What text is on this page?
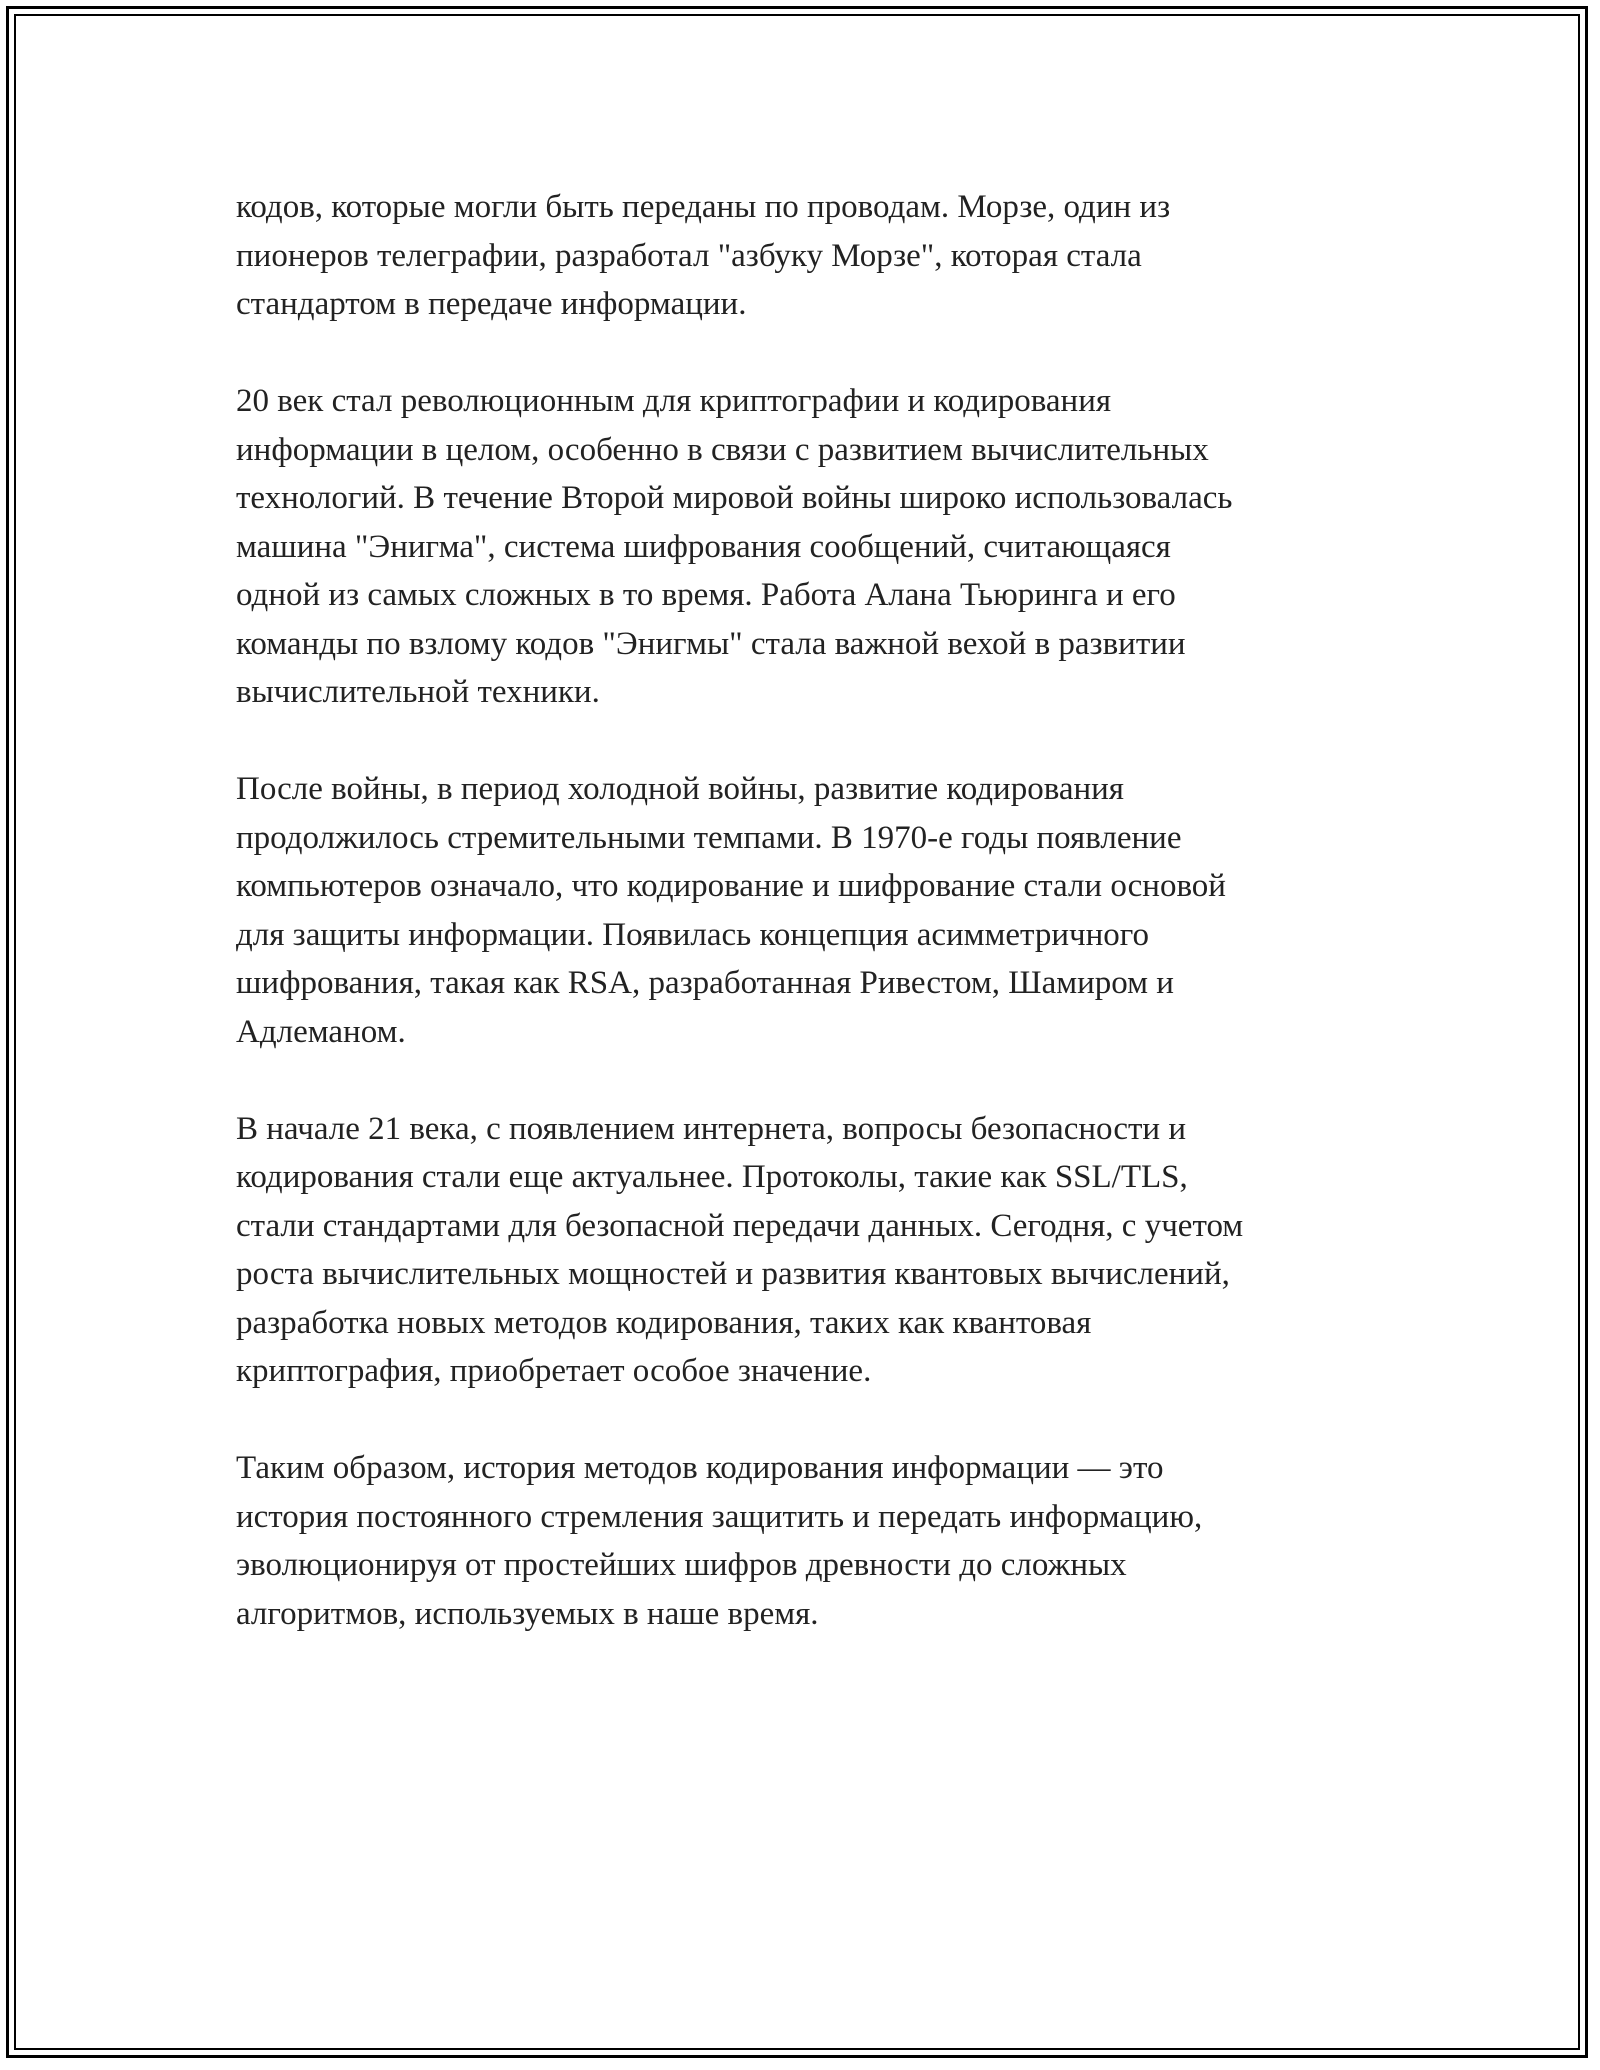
кодов, которые могли быть переданы по проводам. Морзе, один из
пионеров телеграфии, разработал "азбуку Морзе", которая стала
стандартом в передаче информации.

20 век стал революционным для криптографии и кодирования
информации в целом, особенно в связи с развитием вычислительных
технологий. В течение Второй мировой войны широко использовалась
машина "Энигма", система шифрования сообщений, считающаяся
одной из самых сложных в то время. Работа Алана Тьюринга и его
команды по взлому кодов "Энигмы" стала важной вехой в развитии
вычислительной техники.

После войны, в период холодной войны, развитие кодирования
продолжилось стремительными темпами. В 1970-е годы появление
компьютеров означало, что кодирование и шифрование стали основой
для защиты информации. Появилась концепция асимметричного
шифрования, такая как RSA, разработанная Ривестом, Шамиром и
Адлеманом.

В начале 21 века, с появлением интернета, вопросы безопасности и
кодирования стали еще актуальнее. Протоколы, такие как SSL/TLS,
стали стандартами для безопасной передачи данных. Сегодня, с учетом
роста вычислительных мощностей и развития квантовых вычислений,
разработка новых методов кодирования, таких как квантовая
криптография, приобретает особое значение.

Таким образом, история методов кодирования информации — это
история постоянного стремления защитить и передать информацию,
эволюционируя от простейших шифров древности до сложных
алгоритмов, используемых в наше время.
